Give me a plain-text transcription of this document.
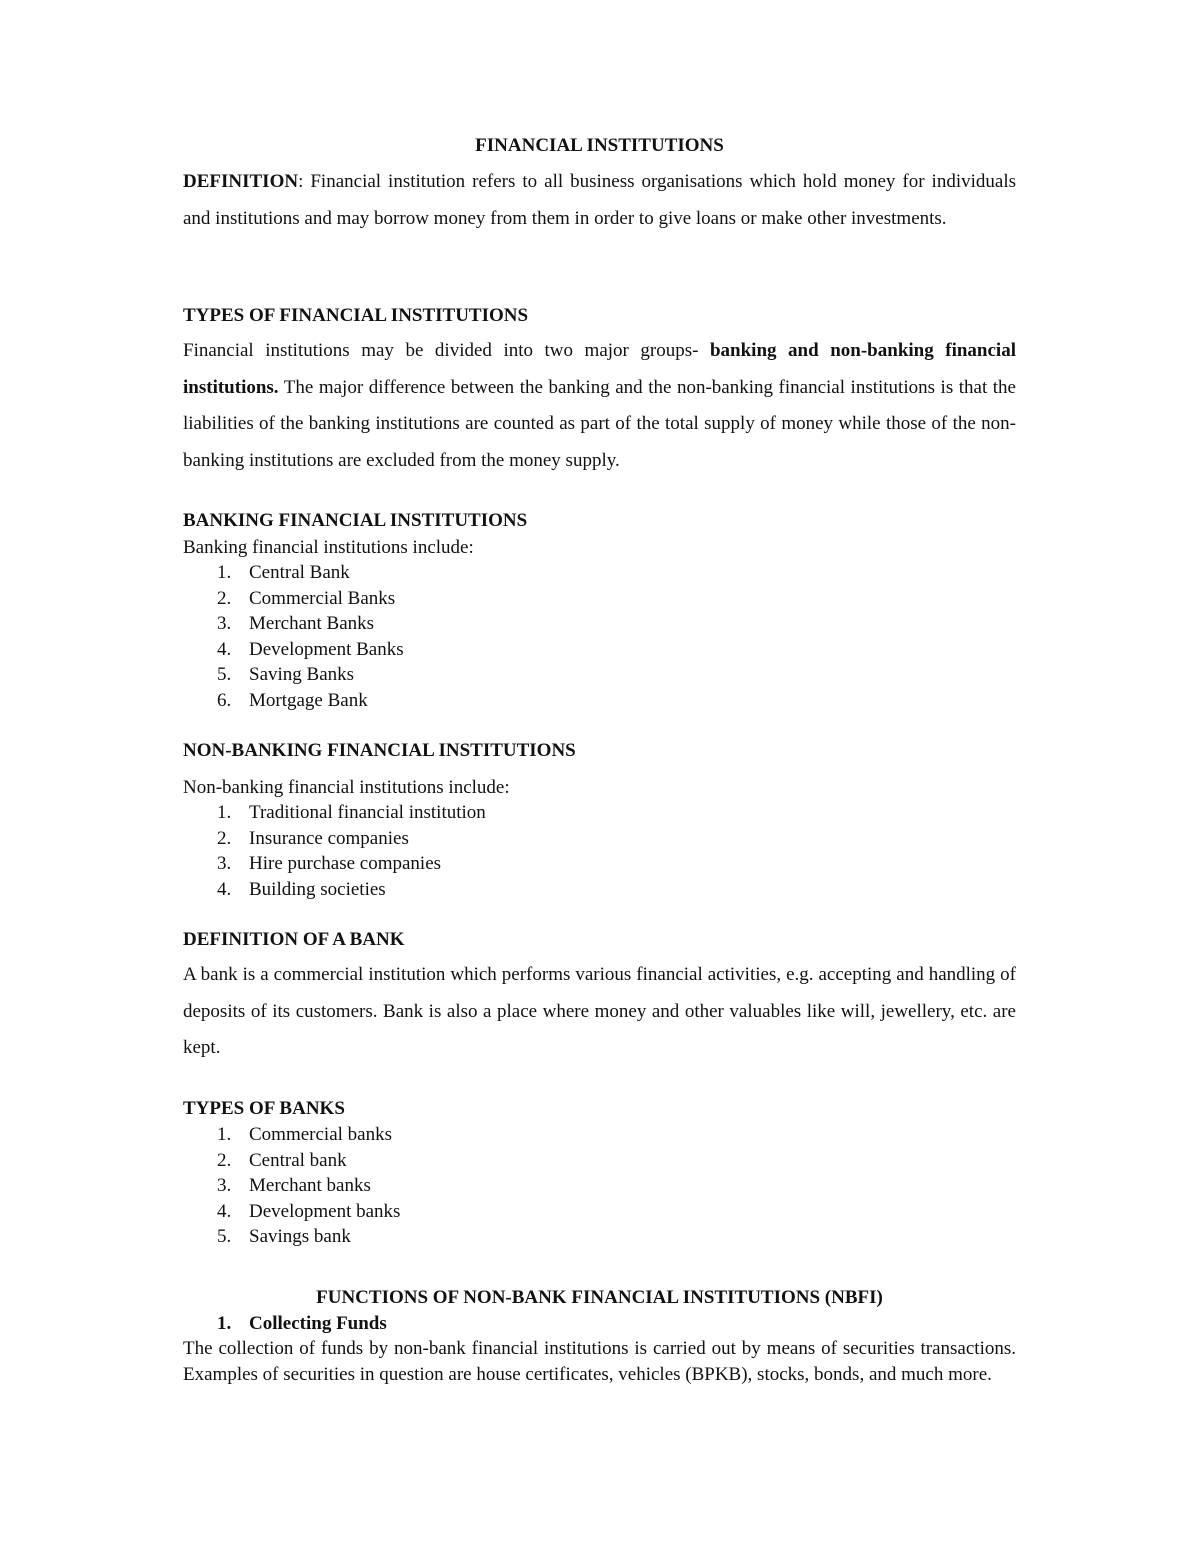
FINANCIAL INSTITUTIONS
DEFINITION: Financial institution refers to all business organisations which hold money for individuals and institutions and may borrow money from them in order to give loans or make other investments.
TYPES OF FINANCIAL INSTITUTIONS
Financial institutions may be divided into two major groups- banking and non-banking financial institutions. The major difference between the banking and the non-banking financial institutions is that the liabilities of the banking institutions are counted as part of the total supply of money while those of the non-banking institutions are excluded from the money supply.
BANKING FINANCIAL INSTITUTIONS
Banking financial institutions include:
1. Central Bank
2. Commercial Banks
3. Merchant Banks
4. Development Banks
5. Saving Banks
6. Mortgage Bank
NON-BANKING FINANCIAL INSTITUTIONS
Non-banking financial institutions include:
1. Traditional financial institution
2. Insurance companies
3. Hire purchase companies
4. Building societies
DEFINITION OF A BANK
A bank is a commercial institution which performs various financial activities, e.g. accepting and handling of deposits of its customers. Bank is also a place where money and other valuables like will, jewellery, etc. are kept.
TYPES OF BANKS
1. Commercial banks
2. Central bank
3. Merchant banks
4. Development banks
5. Savings bank
FUNCTIONS OF NON-BANK FINANCIAL INSTITUTIONS (NBFI)
1. Collecting Funds
The collection of funds by non-bank financial institutions is carried out by means of securities transactions. Examples of securities in question are house certificates, vehicles (BPKB), stocks, bonds, and much more.
